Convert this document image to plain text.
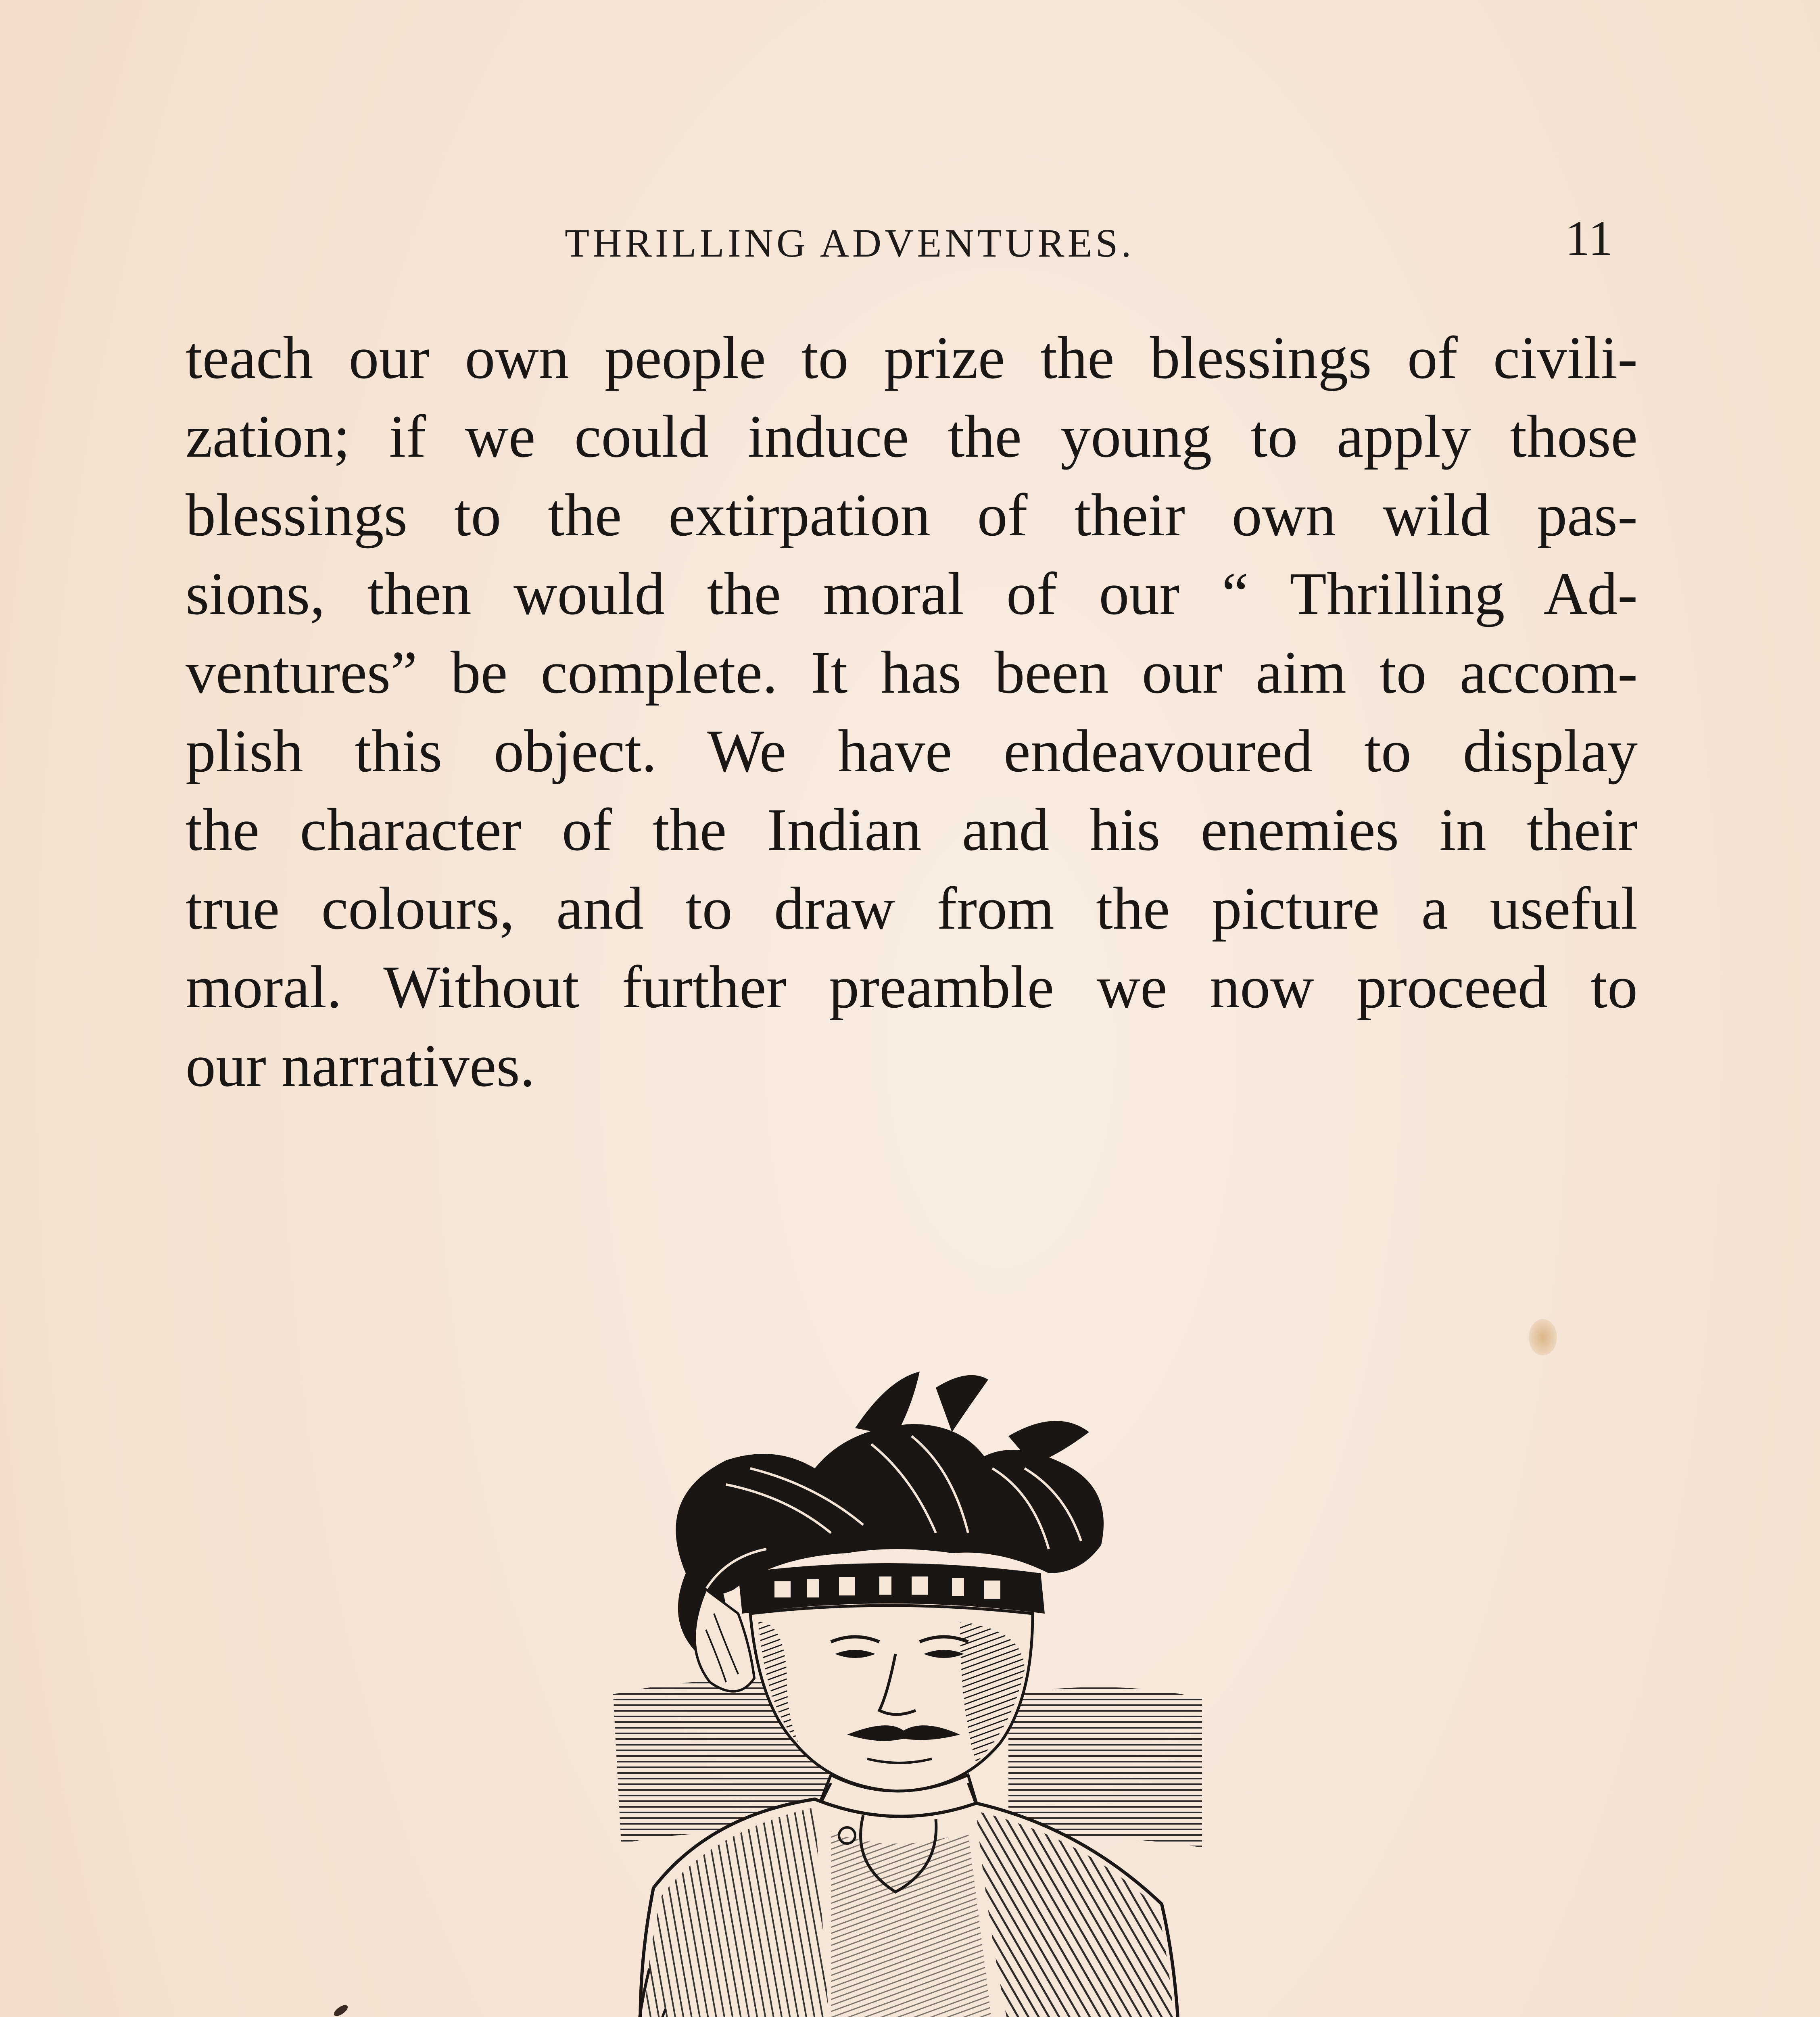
THRILLING ADVENTURES.	11
teach our own people to prize the blessings of civili-
zation; if we could induce the young to apply those
blessings to the extirpation of their own wild pas-
sions, then would the moral of our “ Thrilling Ad-
ventures” be complete. It has been our aim to accom-
plish this object. We have endeavoured to display
the character of the Indian and his enemies in their
true colours, and to draw from the picture a useful
moral. Without further preamble we now proceed to
our narratives.
